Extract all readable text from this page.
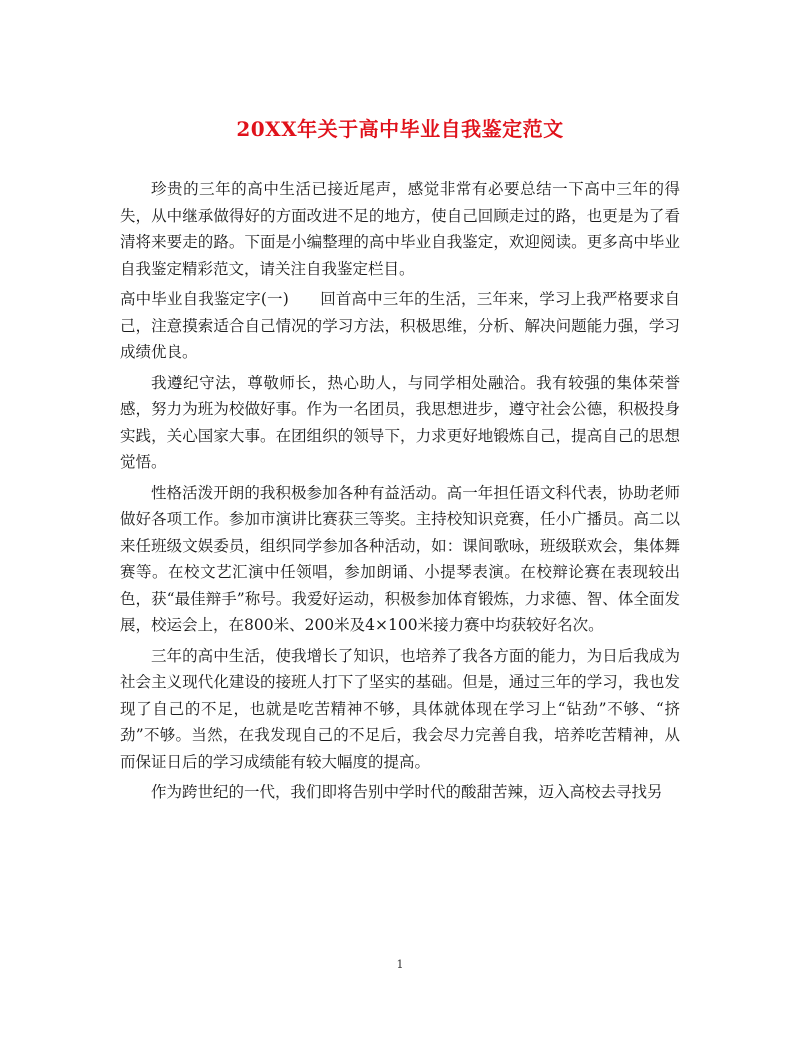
20XX年关于高中毕业自我鉴定范文

珍贵的三年的高中生活已接近尾声，感觉非常有必要总结一下高中三年的得失，从中继承做得好的方面改进不足的地方，使自己回顾走过的路，也更是为了看清将来要走的路。下面是小编整理的高中毕业自我鉴定，欢迎阅读。更多高中毕业自我鉴定精彩范文，请关注自我鉴定栏目。

高中毕业自我鉴定字(一)　　回首高中三年的生活，三年来，学习上我严格要求自己，注意摸索适合自己情况的学习方法，积极思维，分析、解决问题能力强，学习成绩优良。

我遵纪守法，尊敬师长，热心助人，与同学相处融洽。我有较强的集体荣誉感，努力为班为校做好事。作为一名团员，我思想进步，遵守社会公德，积极投身实践，关心国家大事。在团组织的领导下，力求更好地锻炼自己，提高自己的思想觉悟。

性格活泼开朗的我积极参加各种有益活动。高一年担任语文科代表，协助老师做好各项工作。参加市演讲比赛获三等奖。主持校知识竞赛，任小广播员。高二以来任班级文娱委员，组织同学参加各种活动，如：课间歌咏，班级联欢会，集体舞赛等。在校文艺汇演中任领唱，参加朗诵、小提琴表演。在校辩论赛在表现较出色，获“最佳辩手”称号。我爱好运动，积极参加体育锻炼，力求德、智、体全面发展，校运会上，在800米、200米及4×100米接力赛中均获较好名次。

三年的高中生活，使我增长了知识，也培养了我各方面的能力，为日后我成为社会主义现代化建设的接班人打下了坚实的基础。但是，通过三年的学习，我也发现了自己的不足，也就是吃苦精神不够，具体就体现在学习上“钻劲”不够、“挤劲”不够。当然，在我发现自己的不足后，我会尽力完善自我，培养吃苦精神，从而保证日后的学习成绩能有较大幅度的提高。

作为跨世纪的一代，我们即将告别中学时代的酸甜苦辣，迈入高校去寻找另

1
